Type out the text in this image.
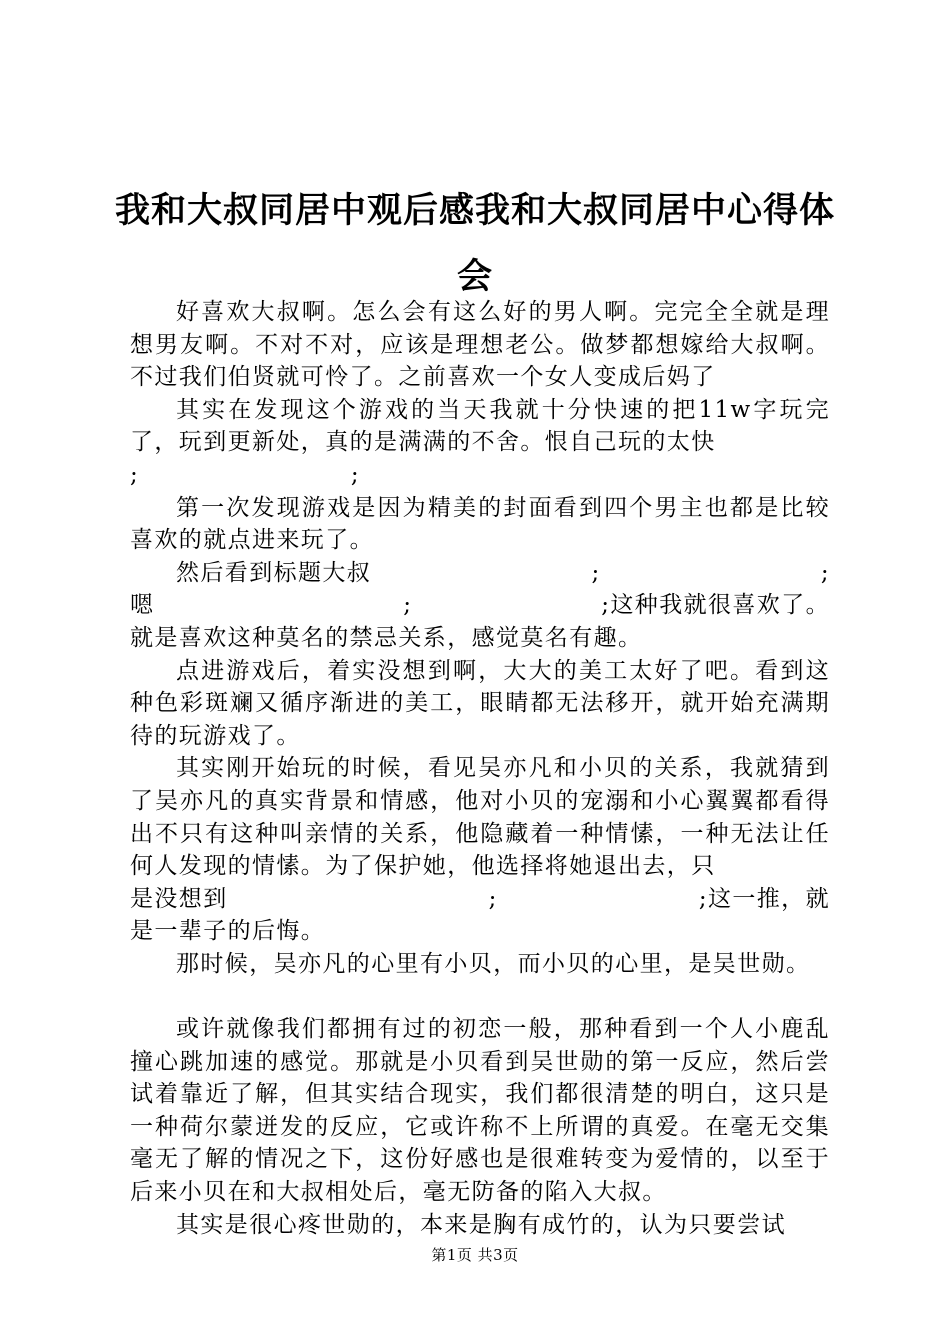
我和大叔同居中观后感我和大叔同居中心得体会

好喜欢大叔啊。怎么会有这么好的男人啊。完完全全就是理想男友啊。不对不对，应该是理想老公。做梦都想嫁给大叔啊。不过我们伯贤就可怜了。之前喜欢一个女人变成后妈了

其实在发现这个游戏的当天我就十分快速的把11w字玩完了，玩到更新处，真的是满满的不舍。恨自己玩的太快

;	;

第一次发现游戏是因为精美的封面看到四个男主也都是比较喜欢的就点进来玩了。

然后看到标题大叔	;	;
嗯	;	;这种我就很喜欢了。

就是喜欢这种莫名的禁忌关系，感觉莫名有趣。

点进游戏后，着实没想到啊，大大的美工太好了吧。看到这种色彩斑斓又循序渐进的美工，眼睛都无法移开，就开始充满期待的玩游戏了。

其实刚开始玩的时候，看见吴亦凡和小贝的关系，我就猜到了吴亦凡的真实背景和情感，他对小贝的宠溺和小心翼翼都看得出不只有这种叫亲情的关系，他隐藏着一种情愫，一种无法让任何人发现的情愫。为了保护她，他选择将她退出去，只

是没想到	;	;这一推，就

是一辈子的后悔。

那时候，吴亦凡的心里有小贝，而小贝的心里，是吴世勋。

或许就像我们都拥有过的初恋一般，那种看到一个人小鹿乱撞心跳加速的感觉。那就是小贝看到吴世勋的第一反应，然后尝试着靠近了解，但其实结合现实，我们都很清楚的明白，这只是一种荷尔蒙迸发的反应，它或许称不上所谓的真爱。在毫无交集毫无了解的情况之下，这份好感也是很难转变为爱情的，以至于后来小贝在和大叔相处后，毫无防备的陷入大叔。

其实是很心疼世勋的，本来是胸有成竹的，认为只要尝试

第1页 共3页
